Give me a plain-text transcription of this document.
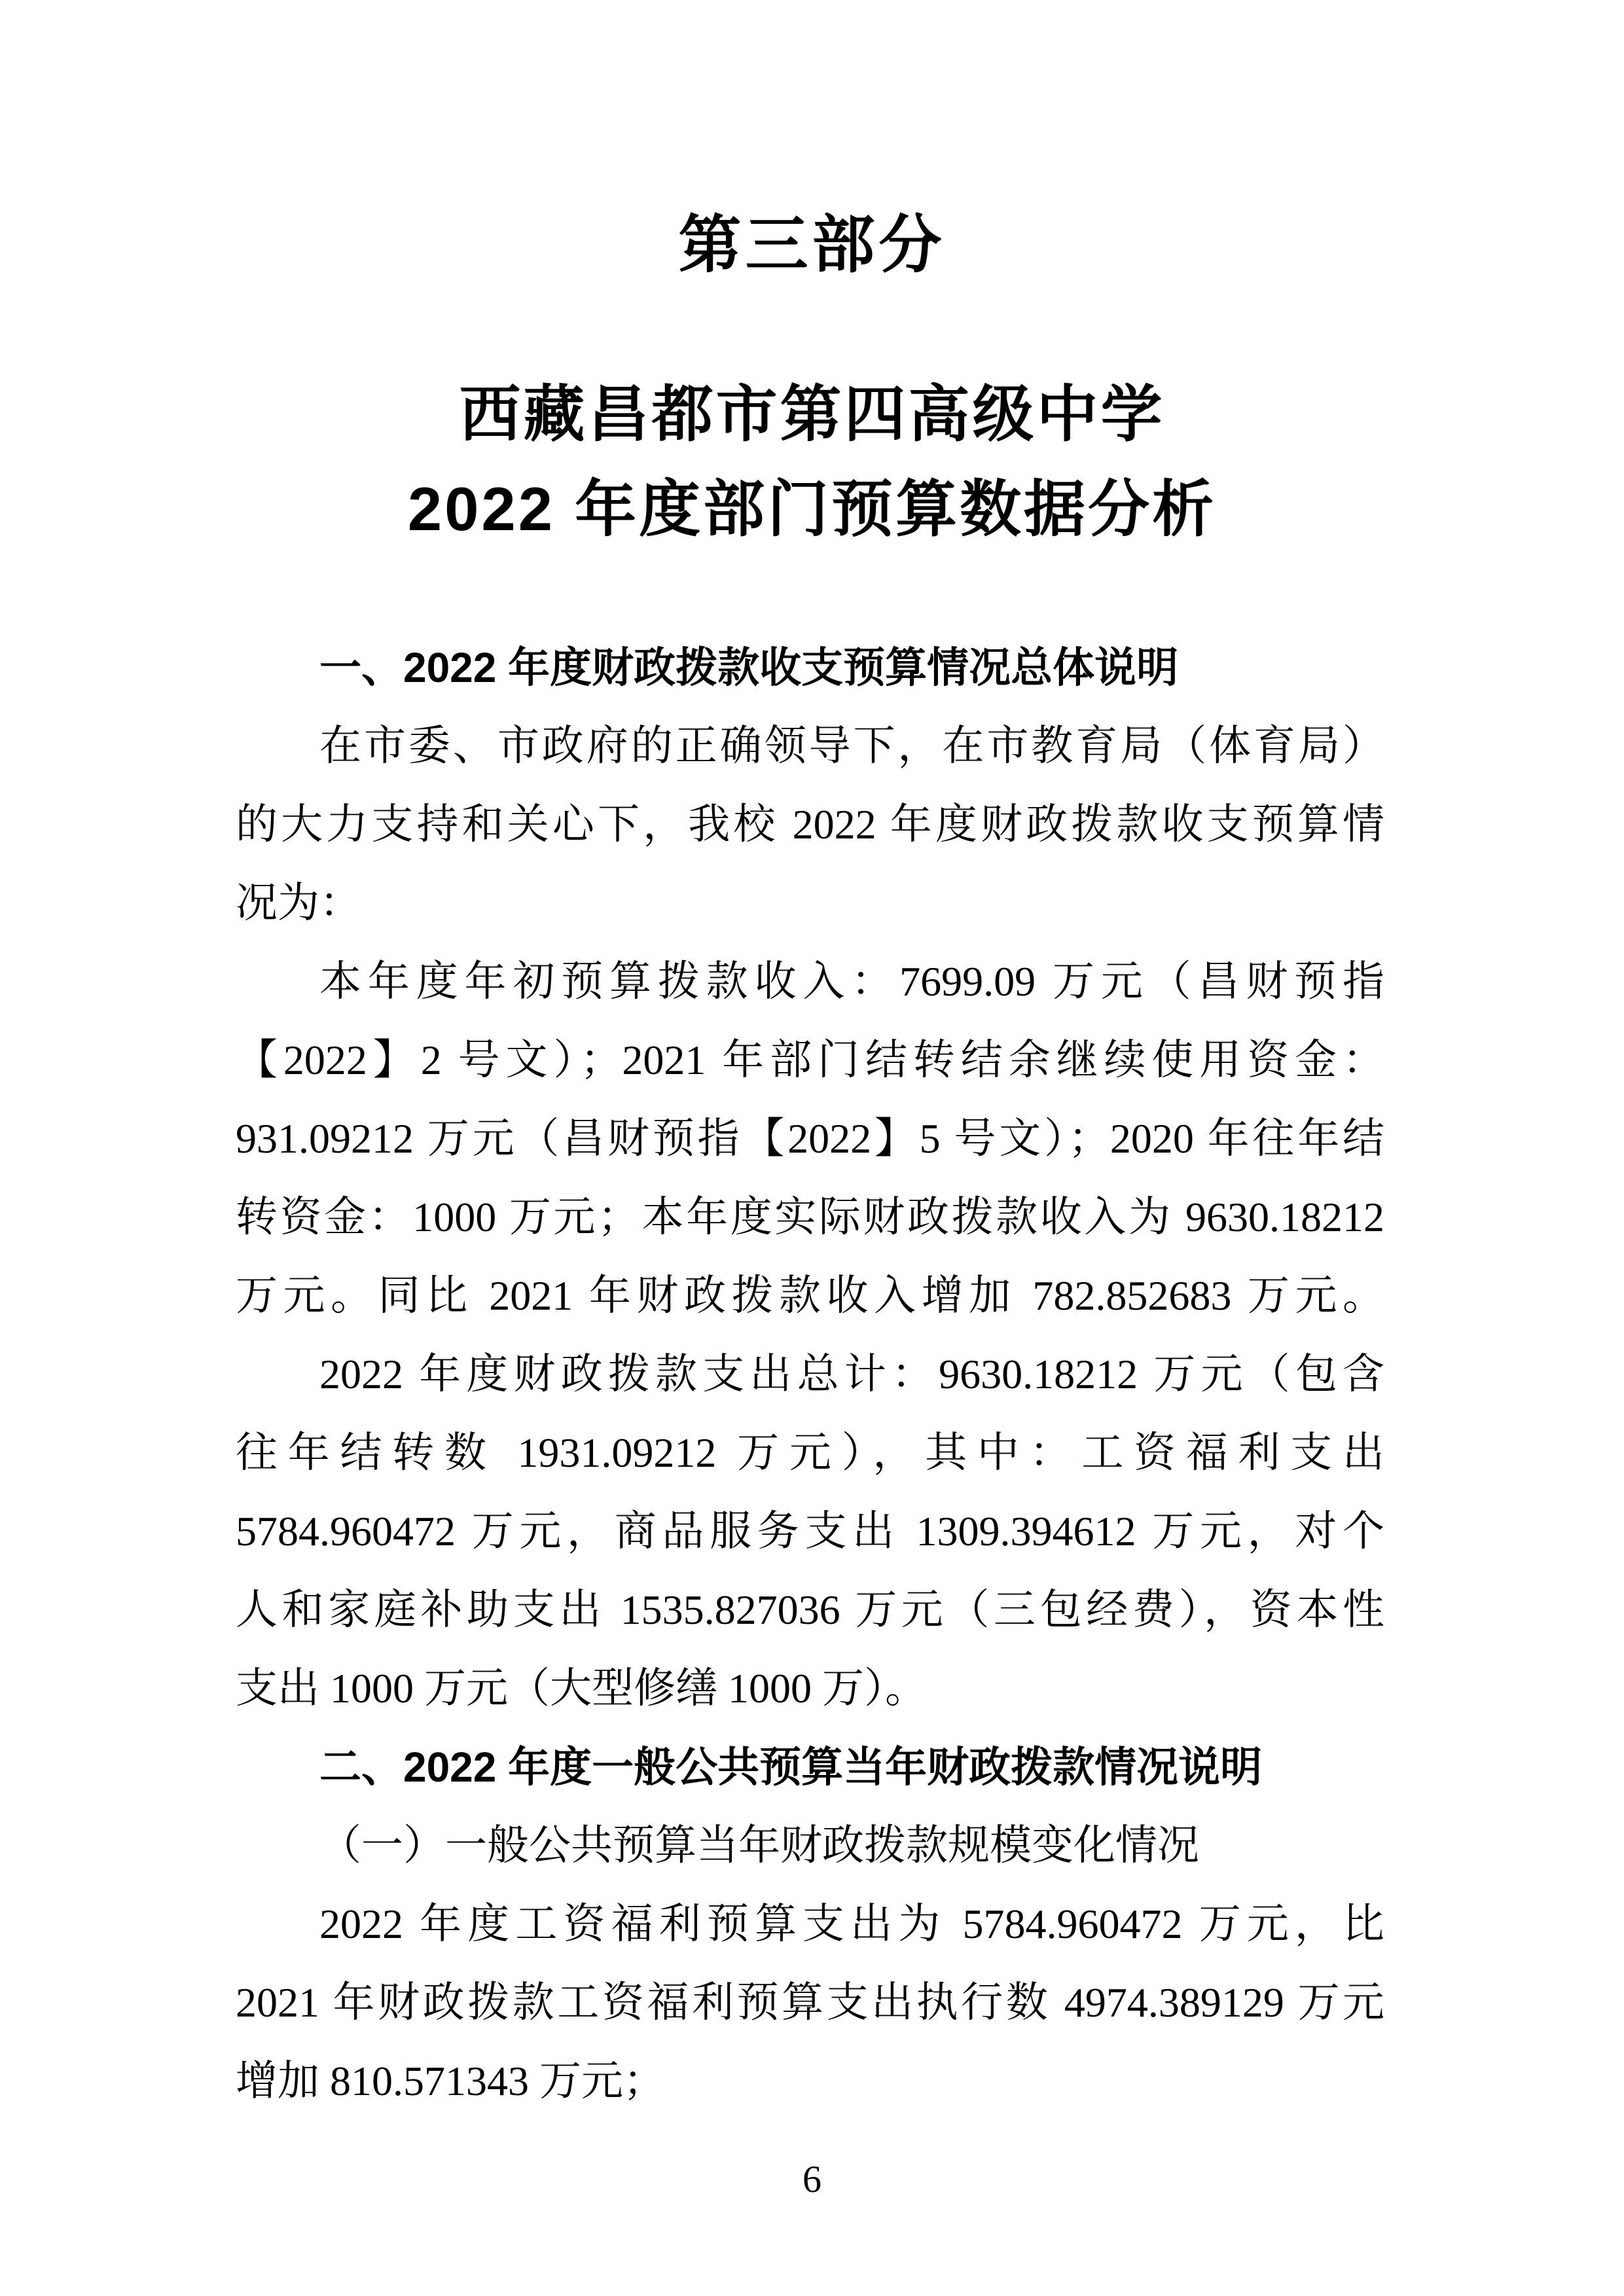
第三部分
西藏昌都市第四高级中学
2022 年度部门预算数据分析
一、2022 年度财政拨款收支预算情况总体说明
在市委、市政府的正确领导下，在市教育局（体育局）
的大力支持和关心下，我校 2022 年度财政拨款收支预算情
况为：
本年度年初预算拨款收入：7699.09 万元（昌财预指
【2022】2 号文）；2021 年部门结转结余继续使用资金：
931.09212 万元（昌财预指【2022】5 号文）；2020 年往年结
转资金：1000 万元；本年度实际财政拨款收入为 9630.18212
万元。同比 2021 年财政拨款收入增加 782.852683 万元。
2022 年度财政拨款支出总计：9630.18212 万元（包含
往年结转数 1931.09212 万元），其中：工资福利支出
5784.960472 万元，商品服务支出 1309.394612 万元，对个
人和家庭补助支出 1535.827036 万元（三包经费），资本性
支出 1000 万元（大型修缮 1000 万）。
二、2022 年度一般公共预算当年财政拨款情况说明
（一）一般公共预算当年财政拨款规模变化情况
2022 年度工资福利预算支出为 5784.960472 万元，比
2021 年财政拨款工资福利预算支出执行数 4974.389129 万元
增加 810.571343 万元；
6
